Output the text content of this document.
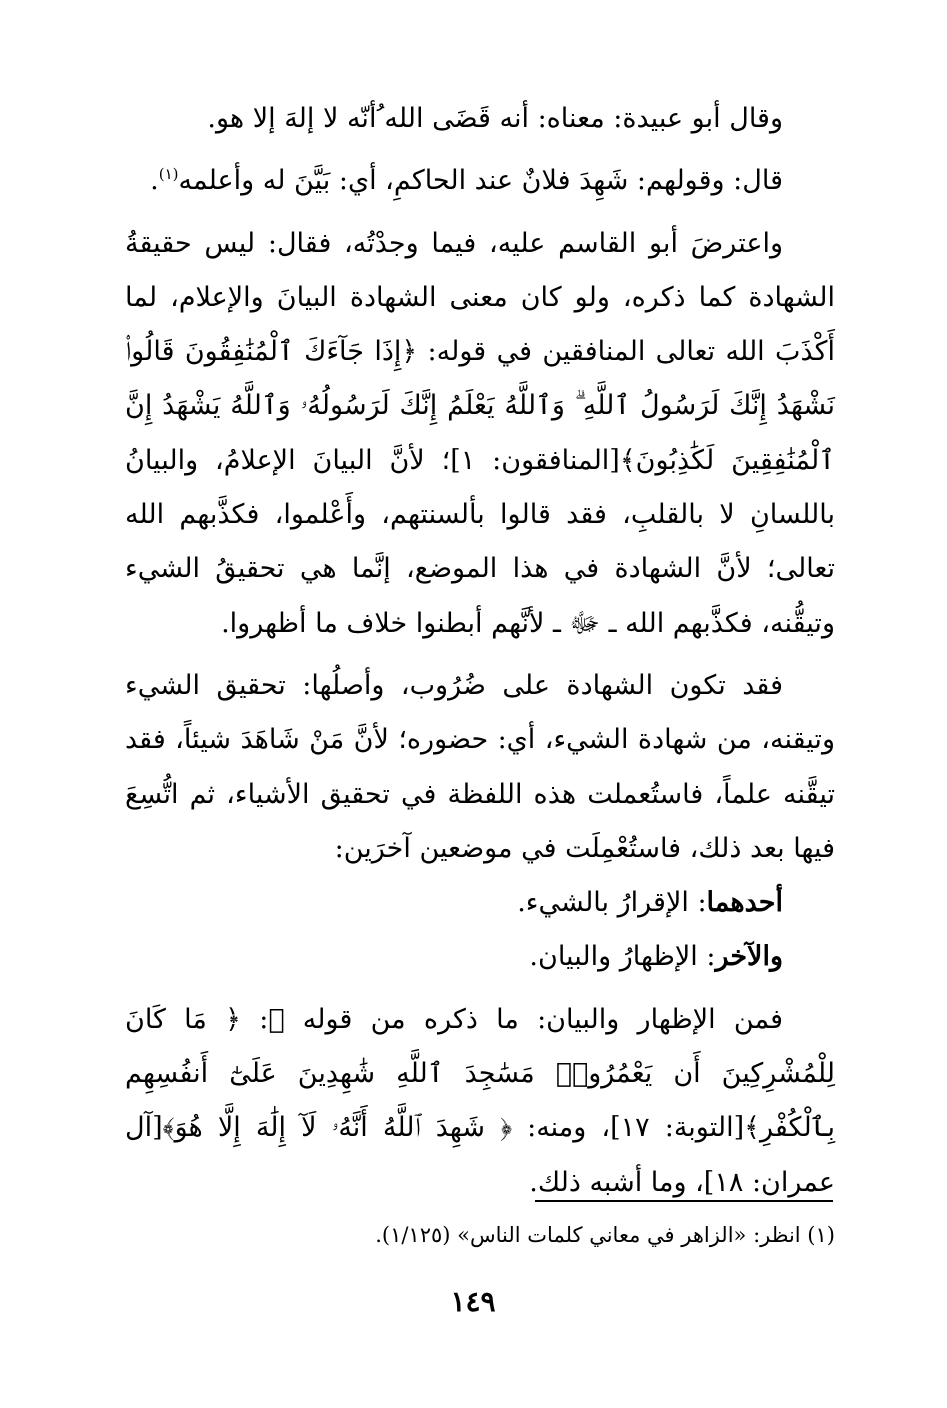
وقال أبو عبيدة: معناه: أنه قَضَى الله ُأنّه لا إلهَ إلا هو.

قال: وقولهم: شَهِدَ فلانٌ عند الحاكمِ، أي: بَيَّنَ له وأعلمه$^{(١)}$.

واعترضَ أبو القاسم عليه، فيما وجدْتُه، فقال: ليس حقيقةُ الشهادة كما ذكره، ولو كان معنى الشهادة البيانَ والإعلام، لما أَكْذَبَ الله تعالى المنافقين في قوله: ﴿إِذَا جَآءَكَ ٱلْمُنَٰفِقُونَ قَالُوا۟ نَشْهَدُ إِنَّكَ لَرَسُولُ ٱللَّهِ ۗ وَٱللَّهُ يَعْلَمُ إِنَّكَ لَرَسُولُهُۥ وَٱللَّهُ يَشْهَدُ إِنَّ ٱلْمُنَٰفِقِينَ لَكَٰذِبُونَ﴾[المنافقون: ١]؛ لأنَّ البيانَ الإعلامُ، والبيانُ باللسانِ لا بالقلبِ، فقد قالوا بألسنتهم، وأَعْلموا، فكذَّبهم الله تعالى؛ لأنَّ الشهادة في هذا الموضع، إنَّما هي تحقيقُ الشيء وتيقُّنه، فكذَّبهم الله ـ ﷻ ـ لأنَّهم أبطنوا خلاف ما أظهروا.

فقد تكون الشهادة على ضُرُوب، وأصلُها: تحقيق الشيء وتيقنه، من شهادة الشيء، أي: حضوره؛ لأنَّ مَنْ شَاهَدَ شيئاً، فقد تيقَّنه علماً، فاستُعملت هذه اللفظة في تحقيق الأشياء، ثم اتُّسِعَ فيها بعد ذلك، فاستُعْمِلَت في موضعين آخرَين:

أحدهما: الإقرارُ بالشيء.

والآخر: الإظهارُ والبيان.

فمن الإظهار والبيان: ما ذكره من قوله ﷻ: ﴿ مَا كَانَ لِلْمُشْرِكِينَ أَن يَعْمُرُوا۟ مَسَٰجِدَ ٱللَّهِ شَٰهِدِينَ عَلَىٰٓ أَنفُسِهِم بِٱلْكُفْرِ﴾[التوبة: ١٧]، ومنه: ﴿ شَهِدَ ٱللَّهُ أَنَّهُۥ لَآ إِلَٰهَ إِلَّا هُوَ﴾[آل عمران: ١٨]، وما أشبه ذلك.

(١) انظر: «الزاهر في معاني كلمات الناس» (١/١٢٥).
١٤٩
